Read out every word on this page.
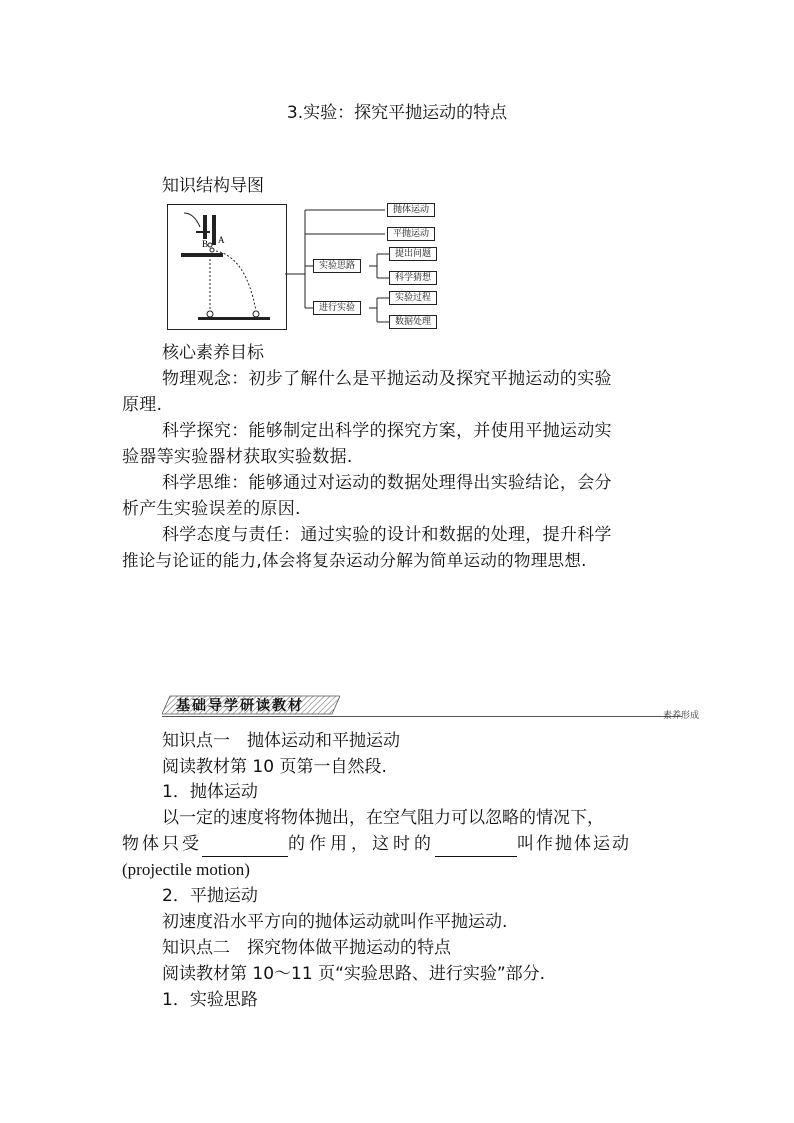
3.实验：探究平抛运动的特点
知识结构导图
B A
抛体运动
平抛运动
实验思路
提出问题
科学猜想
进行实验
实验过程
数据处理
核心素养目标
物理观念：初步了解什么是平抛运动及探究平抛运动的实验
原理.
科学探究：能够制定出科学的探究方案，并使用平抛运动实
验器等实验器材获取实验数据.
科学思维：能够通过对运动的数据处理得出实验结论，会分
析产生实验误差的原因.
科学态度与责任：通过实验的设计和数据的处理，提升科学
推论与论证的能力,体会将复杂运动分解为简单运动的物理思想.
基础导学研读教材
素养形成
知识点一　抛体运动和平抛运动
阅读教材第 10 页第一自然段.
1．抛体运动
以一定的速度将物体抛出，在空气阻力可以忽略的情况下，
物体只受	的作用，这时的	叫作抛体运动
(projectile motion)
2．平抛运动
初速度沿水平方向的抛体运动就叫作平抛运动.
知识点二　探究物体做平抛运动的特点
阅读教材第 10～11 页“实验思路、进行实验”部分.
1．实验思路
